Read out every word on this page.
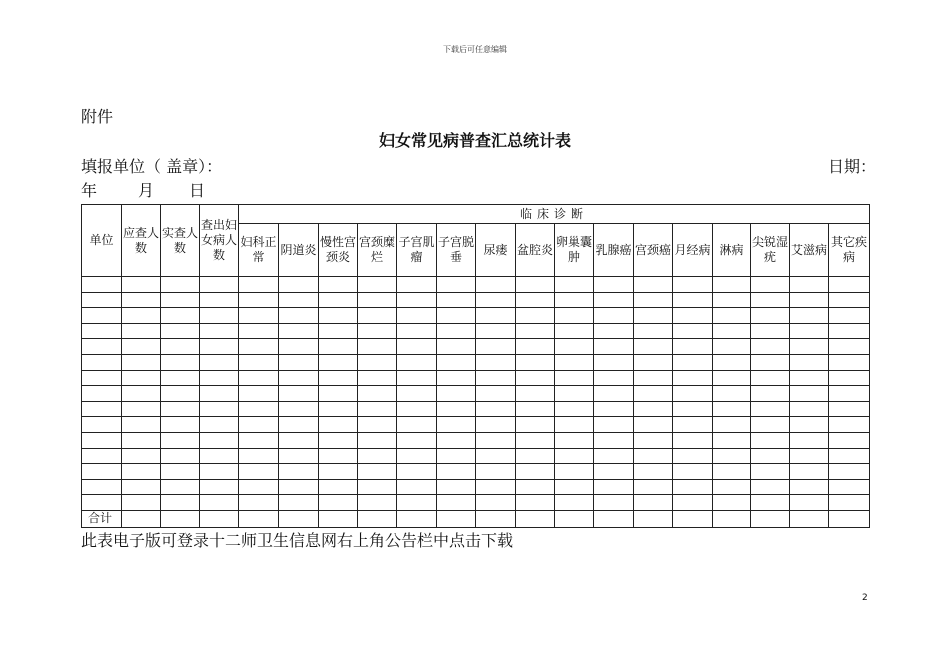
下载后可任意编辑
附件
妇女常见病普查汇总统计表
填报单位（ 盖章）：	日期：
年	月 日
单位	应查人数	实查人数	查出妇女病人数	临床诊断															
				妇科正常	阴道炎	慢性宫颈炎	宫颈糜烂	子宫肌瘤	子宫脱垂	尿瘘	盆腔炎	卵巢囊肿	乳腺癌	宫颈癌	月经病	淋病	尖锐湿疣	艾滋病	其它疾病

合计																			
此表电子版可登录十二师卫生信息网右上角公告栏中点击下载
2
